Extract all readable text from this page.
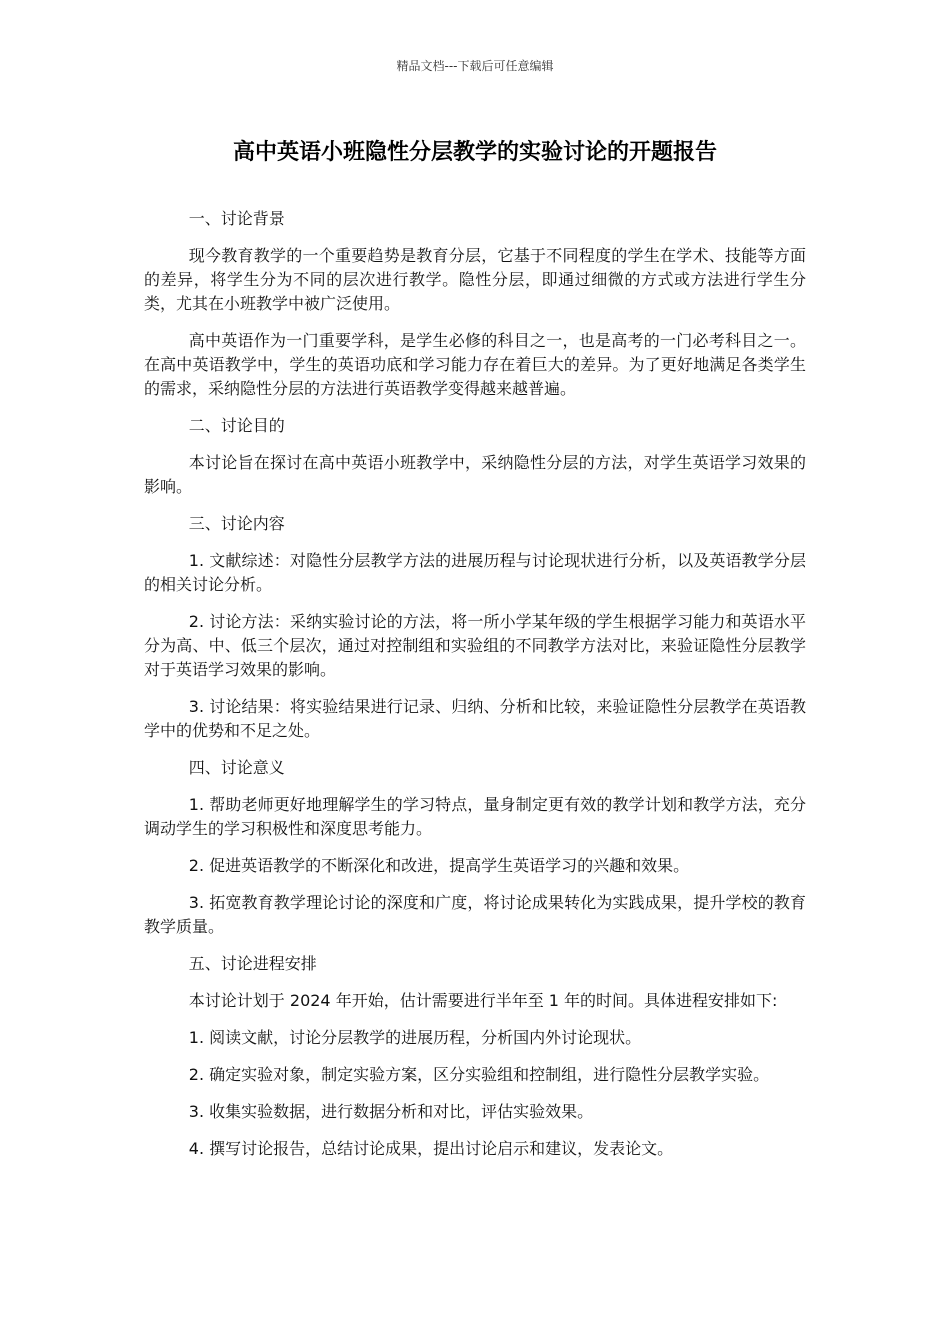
精品文档---下载后可任意编辑
高中英语小班隐性分层教学的实验讨论的开题报告

一、讨论背景

现今教育教学的一个重要趋势是教育分层，它基于不同程度的学生在学术、技能等方面的差异，将学生分为不同的层次进行教学。隐性分层，即通过细微的方式或方法进行学生分类，尤其在小班教学中被广泛使用。

高中英语作为一门重要学科，是学生必修的科目之一，也是高考的一门必考科目之一。在高中英语教学中，学生的英语功底和学习能力存在着巨大的差异。为了更好地满足各类学生的需求，采纳隐性分层的方法进行英语教学变得越来越普遍。

二、讨论目的

本讨论旨在探讨在高中英语小班教学中，采纳隐性分层的方法，对学生英语学习效果的影响。

三、讨论内容

1. 文献综述：对隐性分层教学方法的进展历程与讨论现状进行分析，以及英语教学分层的相关讨论分析。

2. 讨论方法：采纳实验讨论的方法，将一所小学某年级的学生根据学习能力和英语水平分为高、中、低三个层次，通过对控制组和实验组的不同教学方法对比，来验证隐性分层教学对于英语学习效果的影响。

3. 讨论结果：将实验结果进行记录、归纳、分析和比较，来验证隐性分层教学在英语教学中的优势和不足之处。

四、讨论意义

1. 帮助老师更好地理解学生的学习特点，量身制定更有效的教学计划和教学方法，充分调动学生的学习积极性和深度思考能力。

2. 促进英语教学的不断深化和改进，提高学生英语学习的兴趣和效果。

3. 拓宽教育教学理论讨论的深度和广度，将讨论成果转化为实践成果，提升学校的教育教学质量。

五、讨论进程安排

本讨论计划于 2024 年开始，估计需要进行半年至 1 年的时间。具体进程安排如下:

1. 阅读文献，讨论分层教学的进展历程，分析国内外讨论现状。

2. 确定实验对象，制定实验方案，区分实验组和控制组，进行隐性分层教学实验。

3. 收集实验数据，进行数据分析和对比，评估实验效果。

4. 撰写讨论报告，总结讨论成果，提出讨论启示和建议，发表论文。
